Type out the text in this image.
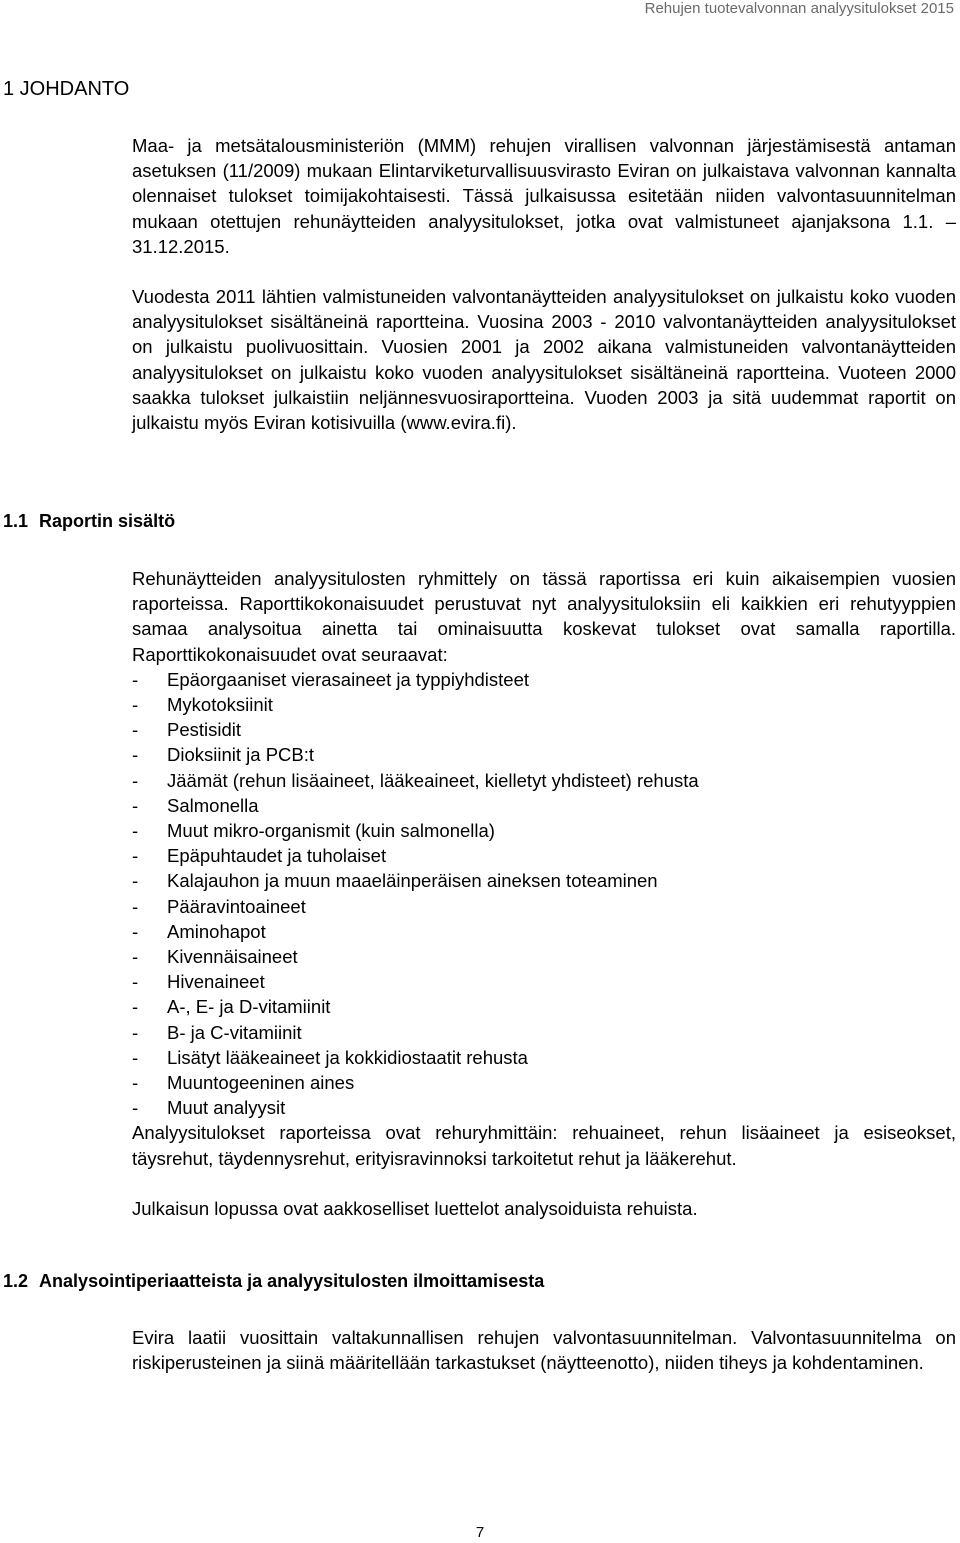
Rehujen tuotevalvonnan analyysitulokset 2015
1 JOHDANTO

Maa- ja metsätalousministeriön (MMM) rehujen virallisen valvonnan järjestämisestä antaman asetuksen (11/2009) mukaan Elintarviketurvallisuusvirasto Eviran on julkaistava valvonnan kannalta olennaiset tulokset toimijakohtaisesti. Tässä julkaisussa esitetään niiden valvontasuunnitelman mukaan otettujen rehunäytteiden analyysitulokset, jotka ovat valmistuneet ajanjaksona 1.1. – 31.12.2015.

Vuodesta 2011 lähtien valmistuneiden valvontanäytteiden analyysitulokset on julkaistu koko vuoden analyysitulokset sisältäneinä raportteina. Vuosina 2003 - 2010 valvontanäytteiden analyysitulokset on julkaistu puolivuosittain. Vuosien 2001 ja 2002 aikana valmistuneiden valvontanäytteiden analyysitulokset on julkaistu koko vuoden analyysitulokset sisältäneinä raportteina. Vuoteen 2000 saakka tulokset julkaistiin neljännesvuosiraportteina. Vuoden 2003 ja sitä uudemmat raportit on julkaistu myös Eviran kotisivuilla (www.evira.fi).

1.1 Raportin sisältö

Rehunäytteiden analyysitulosten ryhmittely on tässä raportissa eri kuin aikaisempien vuosien raporteissa. Raporttikokonaisuudet perustuvat nyt analyysituloksiin eli kaikkien eri rehutyyppien samaa analysoitua ainetta tai ominaisuutta koskevat tulokset ovat samalla raportilla. Raporttikokonaisuudet ovat seuraavat:

- Epäorgaaniset vierasaineet ja typpiyhdisteet
- Mykotoksiinit
- Pestisidit
- Dioksiinit ja PCB:t
- Jäämät (rehun lisäaineet, lääkeaineet, kielletyt yhdisteet) rehusta
- Salmonella
- Muut mikro-organismit (kuin salmonella)
- Epäpuhtaudet ja tuholaiset
- Kalajauhon ja muun maaeläinperäisen aineksen toteaminen
- Pääravintoaineet
- Aminohapot
- Kivennäisaineet
- Hivenaineet
- A-, E- ja D-vitamiinit
- B- ja C-vitamiinit
- Lisätyt lääkeaineet ja kokkidiostaatit rehusta
- Muuntogeeninen aines
- Muut analyysit

Analyysitulokset raporteissa ovat rehuryhmittäin: rehuaineet, rehun lisäaineet ja esiseokset, täysrehut, täydennysrehut, erityisravinnoksi tarkoitetut rehut ja lääkerehut.

Julkaisun lopussa ovat aakkoselliset luettelot analysoiduista rehuista.

1.2 Analysointiperiaatteista ja analyysitulosten ilmoittamisesta

Evira laatii vuosittain valtakunnallisen rehujen valvontasuunnitelman. Valvontasuunnitelma on riskiperusteinen ja siinä määritellään tarkastukset (näytteenotto), niiden tiheys ja kohdentaminen.

7
